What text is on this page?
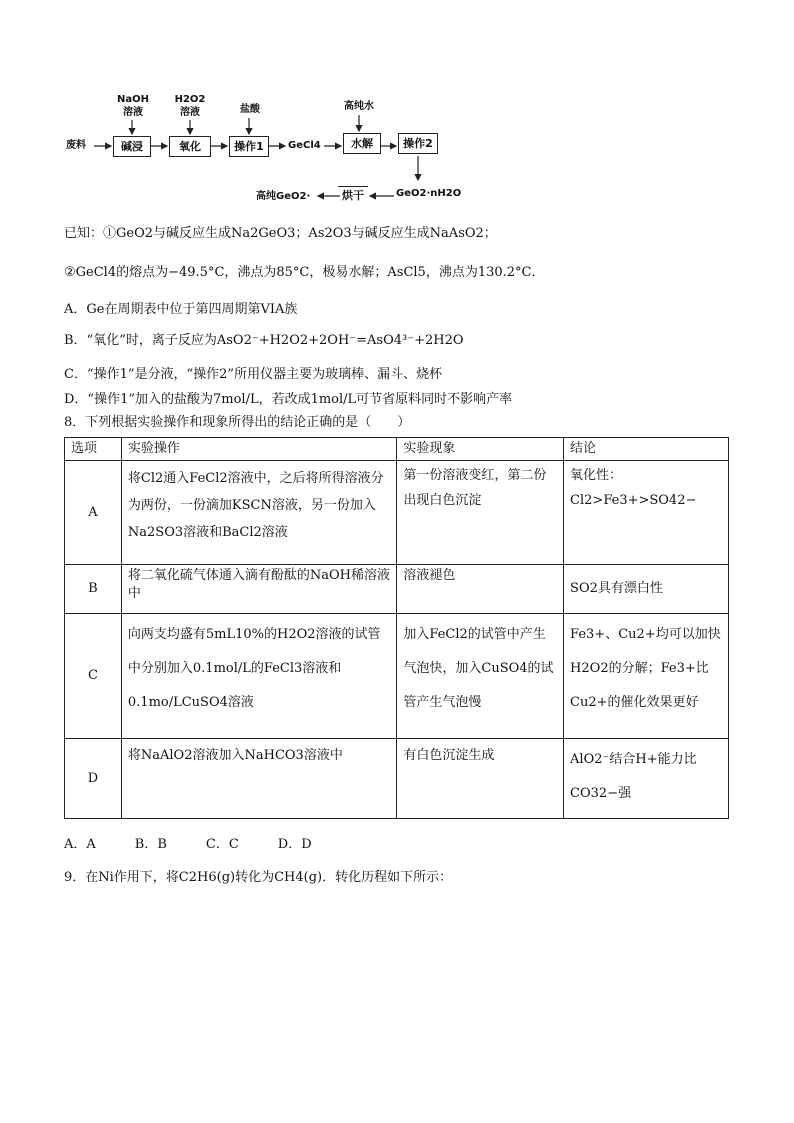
废料	碱浸	氧化	操作1	水解	操作2
烘干
NaOH
溶液
H2O2
溶液	盐酸	高纯水
GeCl4
GeO2·nH2O
高纯GeO2·
已知：①GeO2与碱反应生成Na2GeO3；As2O3与碱反应生成NaAsO2；
②GeCl4的熔点为−49.5°C，沸点为85°C，极易水解；AsCl5，沸点为130.2°C．
A．Ge在周期表中位于第四周期第VIA族
B．“氧化”时，离子反应为AsO2⁻+H2O2+2OH⁻=AsO4³⁻+2H2O
C．“操作1”是分液，“操作2”所用仪器主要为玻璃棒、漏斗、烧杯
D．“操作1”加入的盐酸为7mol/L，若改成1mol/L可节省原料同时不影响产率
8．下列根据实验操作和现象所得出的结论正确的是（　　）
选项	实验操作	实验现象	结论
A	将Cl2通入FeCl2溶液中，之后将所得溶液分为两份，一份滴加KSCN溶液，另一份加入Na2SO3溶液和BaCl2溶液	第一份溶液变红，第二份出现白色沉淀	氧化性：Cl2>Fe3+>SO42−
B	将二氧化硫气体通入滴有酚酞的NaOH稀溶液中	溶液褪色	SO2具有漂白性
C	向两支均盛有5mL10%的H2O2溶液的试管中分别加入0.1mol/L的FeCl3溶液和0.1mo/LCuSO4溶液	加入FeCl2的试管中产生气泡快，加入CuSO4的试管产生气泡慢	Fe3+、Cu2+均可以加快H2O2的分解；Fe3+比Cu2+的催化效果更好
D	将NaAlO2溶液加入NaHCO3溶液中	有白色沉淀生成	AlO2⁻结合H+能力比CO32−强
A．A　　　B．B　　　C．C　　　D．D
9．在Ni作用下，将C2H6(g)转化为CH4(g)．转化历程如下所示：
